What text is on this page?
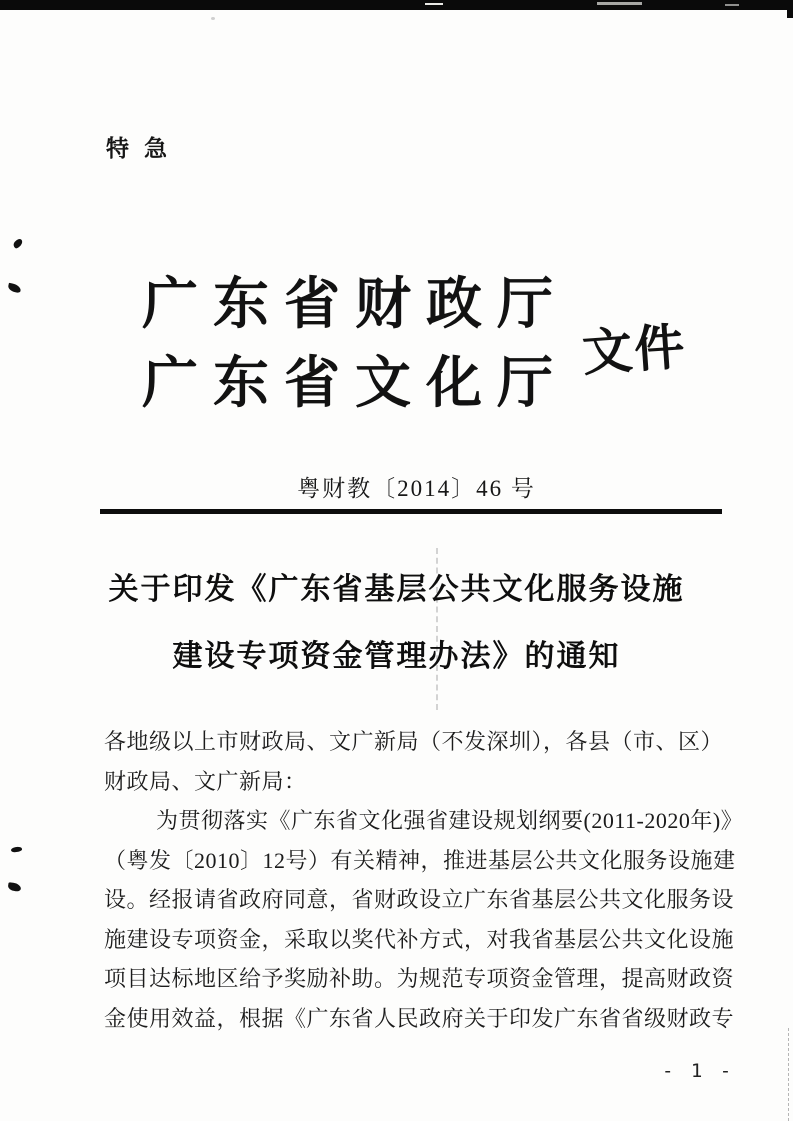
特急
广东省财政厅
广东省文化厅
文件
粤财教〔2014〕46 号
关于印发《广东省基层公共文化服务设施
建设专项资金管理办法》的通知
各地级以上市财政局、文广新局（不发深圳），各县（市、区）
财政局、文广新局：
为贯彻落实《广东省文化强省建设规划纲要(2011-2020年)》
（粤发〔2010〕12号）有关精神，推进基层公共文化服务设施建
设。经报请省政府同意，省财政设立广东省基层公共文化服务设
施建设专项资金，采取以奖代补方式，对我省基层公共文化设施
项目达标地区给予奖励补助。为规范专项资金管理，提高财政资
金使用效益，根据《广东省人民政府关于印发广东省省级财政专
- 1 -
